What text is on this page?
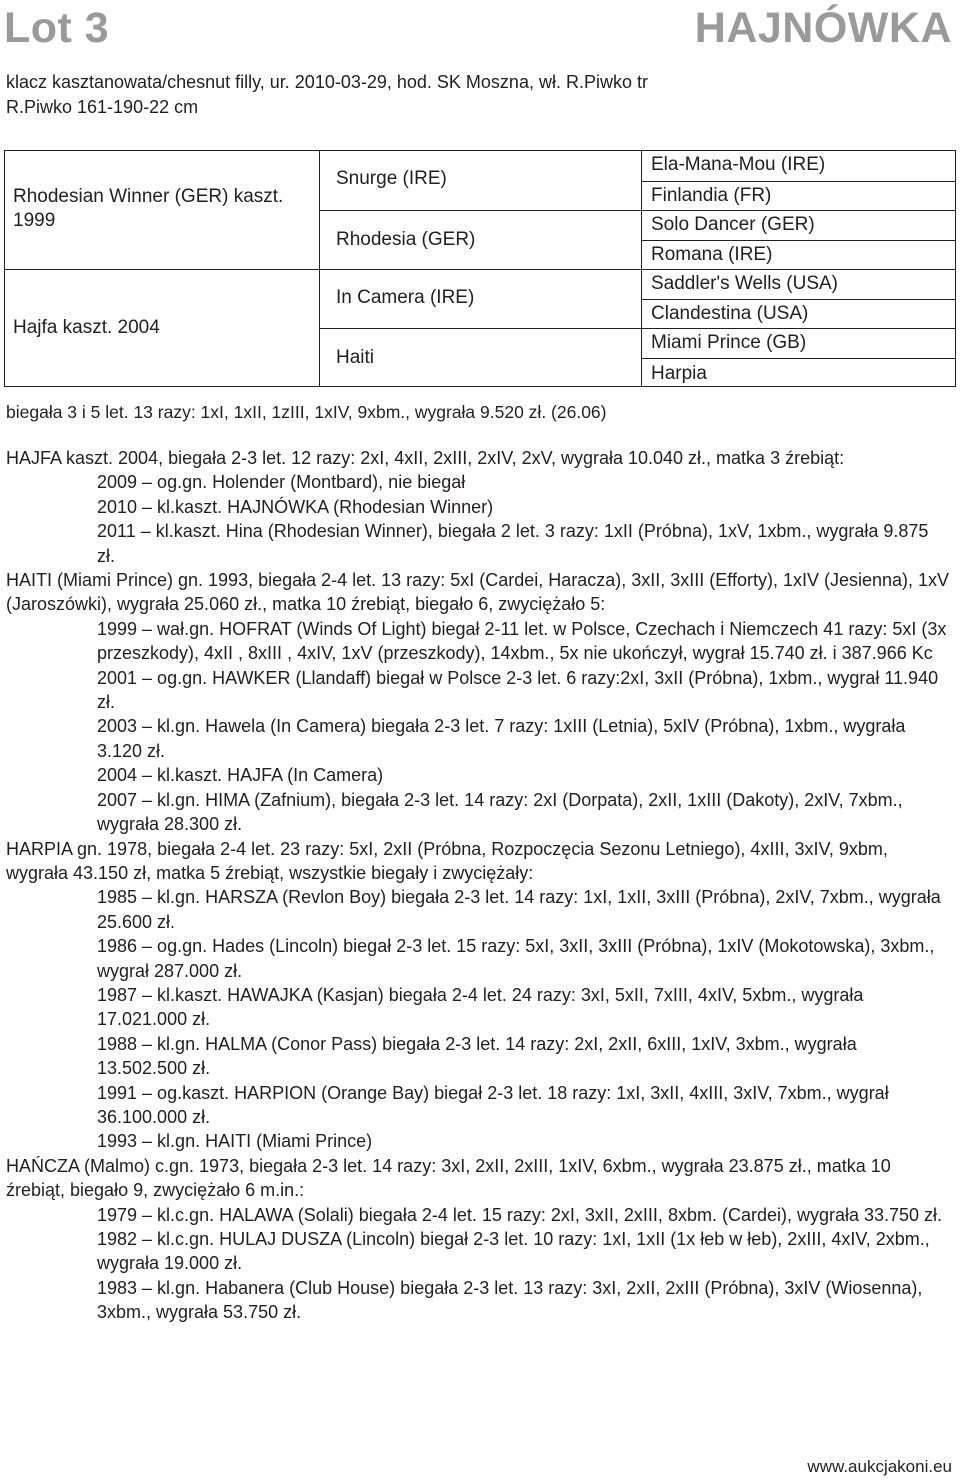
Lot 3	HAJNÓWKA
klacz kasztanowata/chesnut filly, ur. 2010-03-29, hod. SK Moszna, wł. R.Piwko tr R.Piwko 161-190-22 cm
Rhodesian Winner (GER) kaszt. 1999
Hajfa kaszt. 2004
Snurge (IRE)
Rhodesia (GER)
In Camera (IRE)
Haiti
Ela-Mana-Mou (IRE)
Finlandia (FR)
Solo Dancer (GER)
Romana (IRE)
Saddler's Wells (USA)
Clandestina (USA)
Miami Prince (GB)
Harpia
biegała 3 i 5 let. 13 razy: 1xI, 1xII, 1zIII, 1xIV, 9xbm., wygrała 9.520 zł. (26.06)

HAJFA kaszt. 2004, biegała 2-3 let. 12 razy: 2xI, 4xII, 2xIII, 2xIV, 2xV, wygrała 10.040 zł., matka 3 źrebiąt:

2009 – og.gn. Holender (Montbard), nie biegał
2010 – kl.kaszt. HAJNÓWKA (Rhodesian Winner)
2011 – kl.kaszt. Hina (Rhodesian Winner), biegała 2 let. 3 razy: 1xII (Próbna), 1xV, 1xbm., wygrała 9.875 zł.

HAITI (Miami Prince) gn. 1993, biegała 2-4 let. 13 razy: 5xI (Cardei, Haracza), 3xII, 3xIII (Efforty), 1xIV (Jesienna), 1xV (Jaroszówki), wygrała 25.060 zł., matka 10 źrebiąt, biegało 6, zwyciężało 5:

1999 – wał.gn. HOFRAT (Winds Of Light) biegał 2-11 let. w Polsce, Czechach i Niemczech 41 razy: 5xI (3x przeszkody), 4xII , 8xIII , 4xIV, 1xV (przeszkody), 14xbm., 5x nie ukończył, wygrał 15.740 zł. i 387.966 Kc
2001 – og.gn. HAWKER (Llandaff) biegał w Polsce 2-3 let. 6 razy:2xI, 3xII (Próbna), 1xbm., wygrał 11.940 zł.
2003 – kl.gn. Hawela (In Camera) biegała 2-3 let. 7 razy: 1xIII (Letnia), 5xIV (Próbna), 1xbm., wygrała 3.120 zł.
2004 – kl.kaszt. HAJFA (In Camera)
2007 – kl.gn. HIMA (Zafnium), biegała 2-3 let. 14 razy: 2xI (Dorpata), 2xII, 1xIII (Dakoty), 2xIV, 7xbm., wygrała 28.300 zł.

HARPIA gn. 1978, biegała 2-4 let. 23 razy: 5xI, 2xII (Próbna, Rozpoczęcia Sezonu Letniego), 4xIII, 3xIV, 9xbm, wygrała 43.150 zł, matka 5 źrebiąt, wszystkie biegały i zwyciężały:

1985 – kl.gn. HARSZA (Revlon Boy) biegała 2-3 let. 14 razy: 1xI, 1xII, 3xIII (Próbna), 2xIV, 7xbm., wygrała 25.600 zł.
1986 – og.gn. Hades (Lincoln) biegał 2-3 let. 15 razy: 5xI, 3xII, 3xIII (Próbna), 1xIV (Mokotowska), 3xbm., wygrał 287.000 zł.
1987 – kl.kaszt. HAWAJKA (Kasjan) biegała 2-4 let. 24 razy: 3xI, 5xII, 7xIII, 4xIV, 5xbm., wygrała 17.021.000 zł.
1988 – kl.gn. HALMA (Conor Pass) biegała 2-3 let. 14 razy: 2xI, 2xII, 6xIII, 1xIV, 3xbm., wygrała 13.502.500 zł.
1991 – og.kaszt. HARPION (Orange Bay) biegał 2-3 let. 18 razy: 1xI, 3xII, 4xIII, 3xIV, 7xbm., wygrał 36.100.000 zł.
1993 – kl.gn. HAITI (Miami Prince)

HAŃCZA (Malmo) c.gn. 1973, biegała 2-3 let. 14 razy: 3xI, 2xII, 2xIII, 1xIV, 6xbm., wygrała 23.875 zł., matka 10 źrebiąt, biegało 9, zwyciężało 6 m.in.:

1979 – kl.c.gn. HALAWA (Solali) biegała 2-4 let. 15 razy: 2xI, 3xII, 2xIII, 8xbm. (Cardei), wygrała 33.750 zł.
1982 – kl.c.gn. HULAJ DUSZA (Lincoln) biegał 2-3 let. 10 razy: 1xI, 1xII (1x łeb w łeb), 2xIII, 4xIV, 2xbm., wygrała 19.000 zł.
1983 – kl.gn. Habanera (Club House) biegała 2-3 let. 13 razy: 3xI, 2xII, 2xIII (Próbna), 3xIV (Wiosenna), 3xbm., wygrała 53.750 zł.
www.aukcjakoni.eu
